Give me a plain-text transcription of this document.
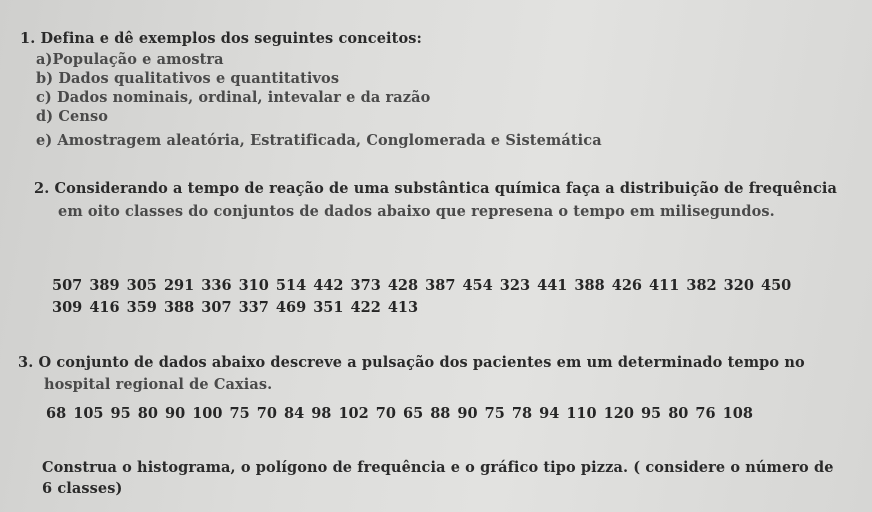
1. Defina e dê exemplos dos seguintes conceitos:
a)População e amostra
b) Dados qualitativos e quantitativos
c) Dados nominais, ordinal, intevalar e da razão
d) Censo
e) Amostragem aleatória, Estratificada, Conglomerada e Sistemática
2. Considerando a tempo de reação de uma substântica química faça a distribuição de frequência
em oito classes do conjuntos de dados abaixo que represena o tempo em milisegundos.
507 389 305 291 336 310 514 442 373 428 387 454 323 441 388 426 411 382 320 450
309 416 359 388 307 337 469 351 422 413
3. O conjunto de dados abaixo descreve a pulsação dos pacientes em um determinado tempo no
hospital regional de Caxias.
68 105 95 80 90 100 75 70 84 98 102 70 65 88 90 75 78 94 110 120 95 80 76 108
Construa o histograma, o polígono de frequência e o gráfico tipo pizza. ( considere o número de
6 classes)
